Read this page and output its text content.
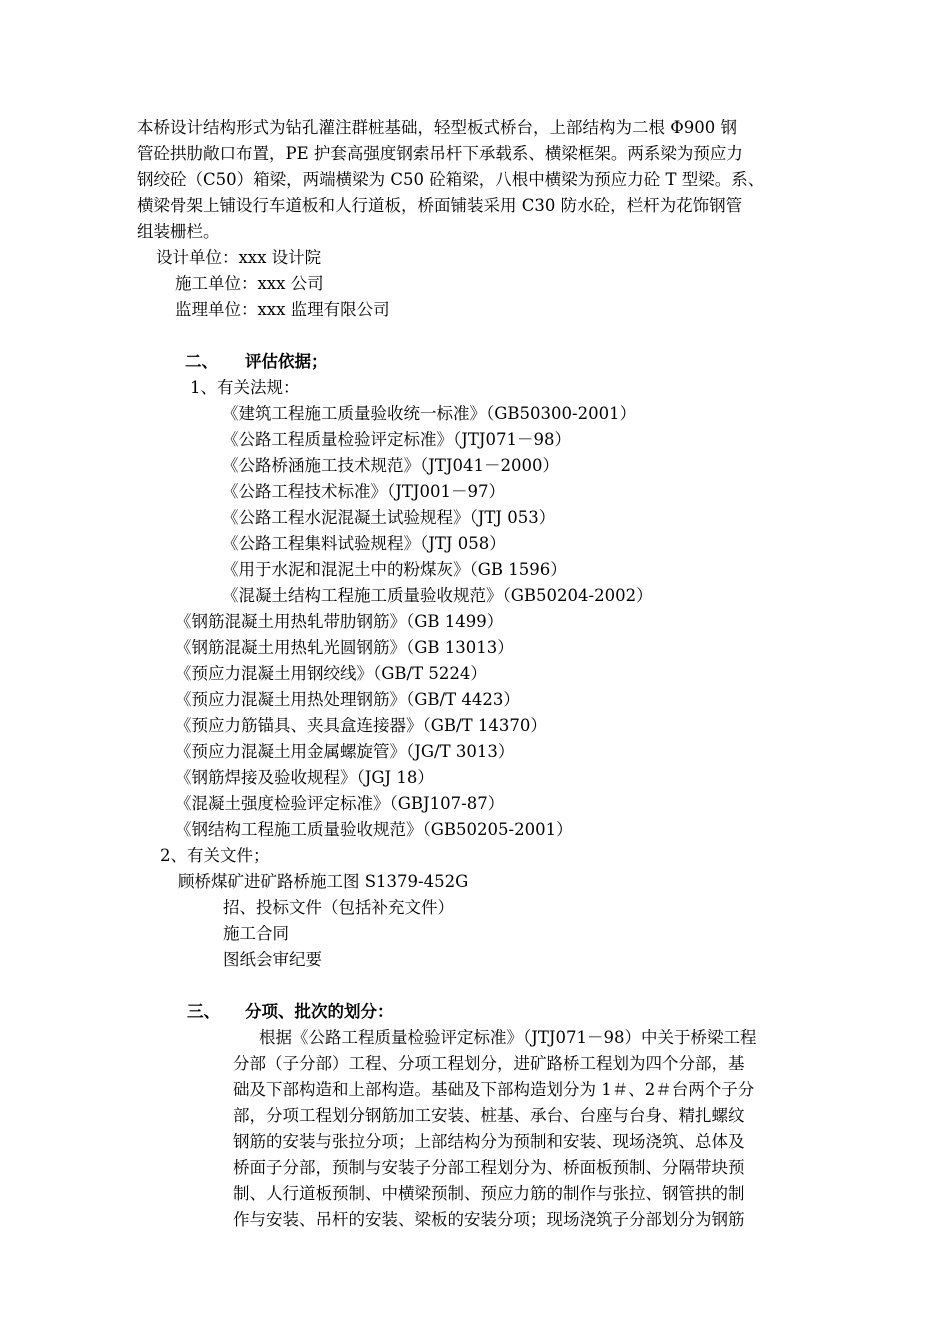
本桥设计结构形式为钻孔灌注群桩基础，轻型板式桥台，上部结构为二根 Φ900 钢
管砼拱肋敞口布置，PE 护套高强度钢索吊杆下承载系、横梁框架。两系梁为预应力
钢绞砼（C50）箱梁，两端横梁为 C50 砼箱梁，八根中横梁为预应力砼 T 型梁。系、
横梁骨架上铺设行车道板和人行道板，桥面铺装采用 C30 防水砼，栏杆为花饰钢管
组装栅栏。
设计单位：xxx 设计院
施工单位：xxx 公司
监理单位：xxx 监理有限公司
二、 评估依据；
1、有关法规：
《建筑工程施工质量验收统一标准》（GB50300-2001）
《公路工程质量检验评定标准》（JTJ071－98）
《公路桥涵施工技术规范》（JTJ041－2000）
《公路工程技术标准》（JTJ001－97）
《公路工程水泥混凝土试验规程》（JTJ 053）
《公路工程集料试验规程》（JTJ 058）
《用于水泥和混泥土中的粉煤灰》（GB 1596）
《混凝土结构工程施工质量验收规范》（GB50204-2002）
《钢筋混凝土用热轧带肋钢筋》（GB 1499）
《钢筋混凝土用热轧光圆钢筋》（GB 13013）
《预应力混凝土用钢绞线》（GB/T 5224）
《预应力混凝土用热处理钢筋》（GB/T 4423）
《预应力筋锚具、夹具盒连接器》（GB/T 14370）
《预应力混凝土用金属螺旋管》（JG/T 3013）
《钢筋焊接及验收规程》（JGJ 18）
《混凝土强度检验评定标准》（GBJ107-87）
《钢结构工程施工质量验收规范》（GB50205-2001）
2、有关文件；
顾桥煤矿进矿路桥施工图 S1379-452G
招、投标文件（包括补充文件）
施工合同
图纸会审纪要
三、 分项、批次的划分：
根据《公路工程质量检验评定标准》（JTJ071－98）中关于桥梁工程
分部（子分部）工程、分项工程划分，进矿路桥工程划为四个分部，基
础及下部构造和上部构造。基础及下部构造划分为 1＃、2＃台两个子分
部，分项工程划分钢筋加工安装、桩基、承台、台座与台身、精扎螺纹
钢筋的安装与张拉分项；上部结构分为预制和安装、现场浇筑、总体及
桥面子分部，预制与安装子分部工程划分为、桥面板预制、分隔带块预
制、人行道板预制、中横梁预制、预应力筋的制作与张拉、钢管拱的制
作与安装、吊杆的安装、梁板的安装分项；现场浇筑子分部划分为钢筋
